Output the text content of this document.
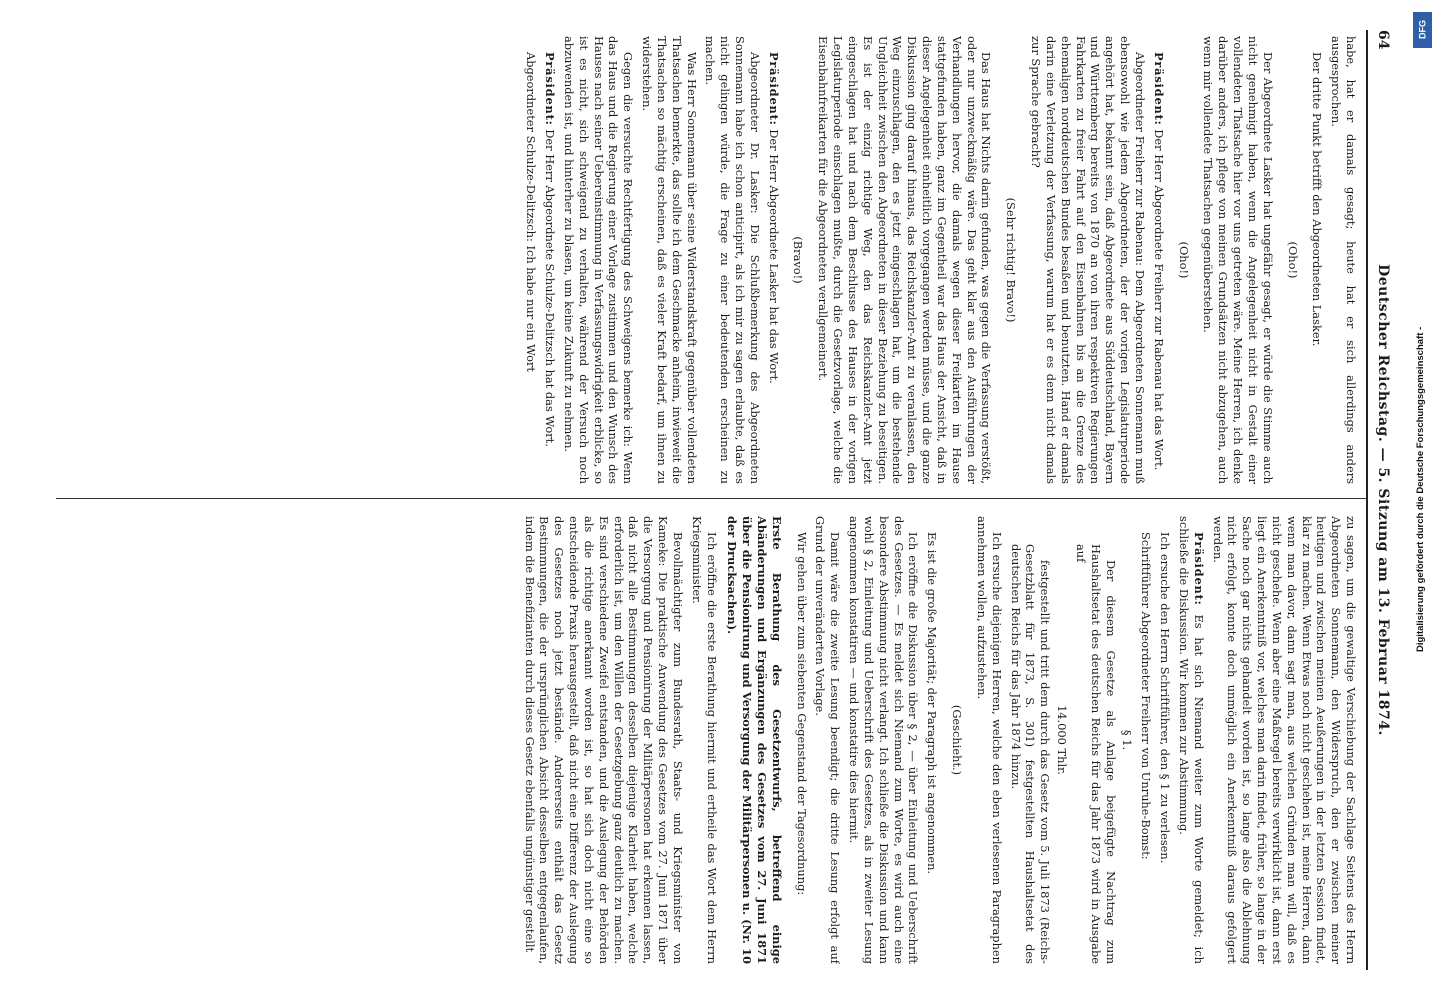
64
Deutscher Reichstag. — 5. Sitzung am 13. Februar 1874.

habe, hat er damals gesagt; heute hat er sich allerdings anders ausgesprochen.

Der dritte Punkt betrifft den Abgeordneten Lasker.

(Oho!)

Der Abgeordnete Lasker hat ungefähr gesagt, er würde die Stimme auch nicht genehmigt haben, wenn die Angelegenheit nicht in Gestalt einer vollendeten Thatsache hier vor uns getreten wäre. Meine Herren, ich denke darüber anders, ich pflege von meinen Grundsätzen nicht abzugehen, auch wenn mir vollendete Thatsachen gegenüberstehen.

(Oho!)

Präsident: Der Herr Abgeordnete Freiherr zur Rabenau hat das Wort.

Abgeordneter Freiherr zur Rabenau: Dem Abgeordneten Sonnemann muß ebensowohl wie jedem Abgeordneten, der der vorigen Legislaturperiode angehört hat, bekannt sein, daß Abgeordnete aus Süddeutschland, Bayern und Württemberg bereits von 1870 an von ihren respektiven Regierungen Fahrkarten zu freier Fahrt auf den Eisenbahnen bis an die Grenze des ehemaligen norddeutschen Bundes besaßen und benutzten. Hand er damals darin eine Verletzung der Verfassung, warum hat er es denn nicht damals zur Sprache gebracht?

(Sehr richtig! Bravo!)

Das Haus hat Nichts darin gefunden, was gegen die Verfassung verstößt, oder nur unzweckmäßig wäre. Das geht klar aus den Ausführungen der Verhandlungen hervor, die damals wegen dieser Freikarten im Hause stattgefunden haben, ganz im Gegentheil war das Haus der Ansicht, daß in dieser Angelegenheit einheitlich vorgegangen werden müsse, und die ganze Diskussion ging darauf hinaus, das Reichskanzler-Amt zu veranlassen, den Weg einzuschlagen, den es jetzt eingeschlagen hat, um die bestehende Ungleichheit zwischen den Abgeordneten in dieser Beziehung zu beseitigen. Es ist der einzig richtige Weg, den das Reichskanzler-Amt jetzt eingeschlagen hat und nach dem Beschlusse des Hauses in der vorigen Legislaturperiode einschlagen mußte, durch die Gesetzvorlage, welche die Eisenbahnfreikarten für die Abgeordneten verallgemeinert.

(Bravo!)

Präsident: Der Herr Abgeordnete Lasker hat das Wort.

Abgeordneter Dr. Lasker: Die Schlußbemerkung des Abgeordneten Sonnemann habe ich schon anticipirt, als ich mir zu sagen erlaubte, daß es nicht gelingen würde, die Frage zu einer bedeutenden erscheinen zu machen.

Was Herr Sonnemann über seine Widerstandskraft gegenüber vollendeten Thatsachen bemerkte, das sollte ich dem Geschmacke anheim, inwieweit die Thatsachen so mächtig erscheinen, daß es vieler Kraft bedarf, um ihnen zu widerstehen.

Gegen die versuchte Rechtfertigung des Schweigens bemerke ich: Wenn das Haus und die Regierung einer Vorlage zustimmen und den Wunsch des Hauses nach seiner Uebereinstimmung in Verfassungswidrigkeit erblicke, so ist es nicht, sich schweigend zu verhalten, während der Versuch noch abzuwenden ist, und hinterher zu blasen, um keine Zukunft zu nehmen.

Präsident: Der Herr Abgeordnete Schulze-Delitzsch hat das Wort.

Abgeordneter Schulze-Delitzsch: Ich habe nur ein Wort

zu sagen, um die gewaltige Verschiebung der Sachlage Seitens des Herrn Abgeordneten Sonnemann, den Widerspruch, den er zwischen meiner heutigen und zwischen meinen Aeußerungen in der letzten Session findet, klar zu machen. Wenn Etwas noch nicht geschehen ist, meine Herren, dann wenn man davor, dann sagt man, aus welchen Gründen man will, daß es nicht geschehe. Wenn aber eine Maßregel bereits verwirklicht ist, dann erst liegt ein Anerkenntniß vor, welches man darin findet, früher, so lange in der Sache noch gar nichts gehandelt worden ist, so lange also die Ablehnung nicht erfolgt, konnte doch unmöglich ein Anerkenntniß daraus gefolgert werden.

Präsident: Es hat sich Niemand weiter zum Worte gemeldet; ich schließe die Diskussion. Wir kommen zur Abstimmung.

Ich ersuche den Herrn Schriftführer, den § 1 zu verlesen.

Schriftführer Abgeordneter Freiherr von Unruhe-Bomst:

§ 1.

Der diesem Gesetze als Anlage beigefügte Nachtrag zum Haushaltsetat des deutschen Reichs für das Jahr 1873 wird in Ausgabe auf

14.000 Thlr.

festgestellt und tritt dem durch das Gesetz vom 5. Juli 1873 (Reichs-Gesetzblatt für 1873, S. 301) festgestellten Haushaltsetat des deutschen Reichs für das Jahr 1874 hinzu.

Ich ersuche diejenigen Herren, welche den eben verlesenen Paragraphen annehmen wollen, aufzustehen.

(Geschieht.)

Es ist die große Majorität; der Paragraph ist angenommen.

Ich eröffne die Diskussion über § 2, — über Einleitung und Ueberschrift des Gesetzes. — Es meldet sich Niemand zum Worte, es wird auch eine besondere Abstimmung nicht verlangt. Ich schließe die Diskussion und kann wohl § 2, Einleitung und Ueberschrift des Gesetzes, als in zweiter Lesung angenommen konstatiren — und konstatire dies hiermit.

Damit wäre die zweite Lesung beendigt; die dritte Lesung erfolgt auf Grund der unveränderten Vorlage.

Wir gehen über zum siebenten Gegenstand der Tagesordnung:

Erste Berathung des Gesetzentwurfs, betreffend einige Abänderungen und Ergänzungen des Gesetzes vom 27. Juni 1871 über die Pensionirung und Versorgung der Militärpersonen u. (Nr. 10 der Drucksachen).

Ich eröffne die erste Berathung hiermit und ertheile das Wort dem Herrn Kriegsminister.

Bevollmächtigter zum Bundesrath, Staats- und Kriegsminister von Kameke: Die praktische Anwendung des Gesetzes vom 27. Juni 1871 über die Versorgung und Pensionirung der Militärpersonen hat erkennen lassen, daß nicht alle Bestimmungen desselben diejenige Klarheit haben, welche erforderlich ist, um den Willen der Gesetzgebung ganz deutlich zu machen. Es sind verschiedene Zweifel entstanden, und die Auslegung der Behörden als die richtige anerkannt worden ist, so hat sich doch nicht eine so entscheidende Praxis herausgestellt, daß nicht eine Differenz der Auslegung des Gesetzes noch jetzt bestände. Andererseits enthält das Gesetz Bestimmungen, die der ursprünglichen Absicht desselben entgegenlaufen, indem die Benefizianten durch dieses Gesetz ebenfalls ungünstiger gestellt

DFG
Digitalisierung gefördert durch die Deutsche Forschungsgemeinschaft -
